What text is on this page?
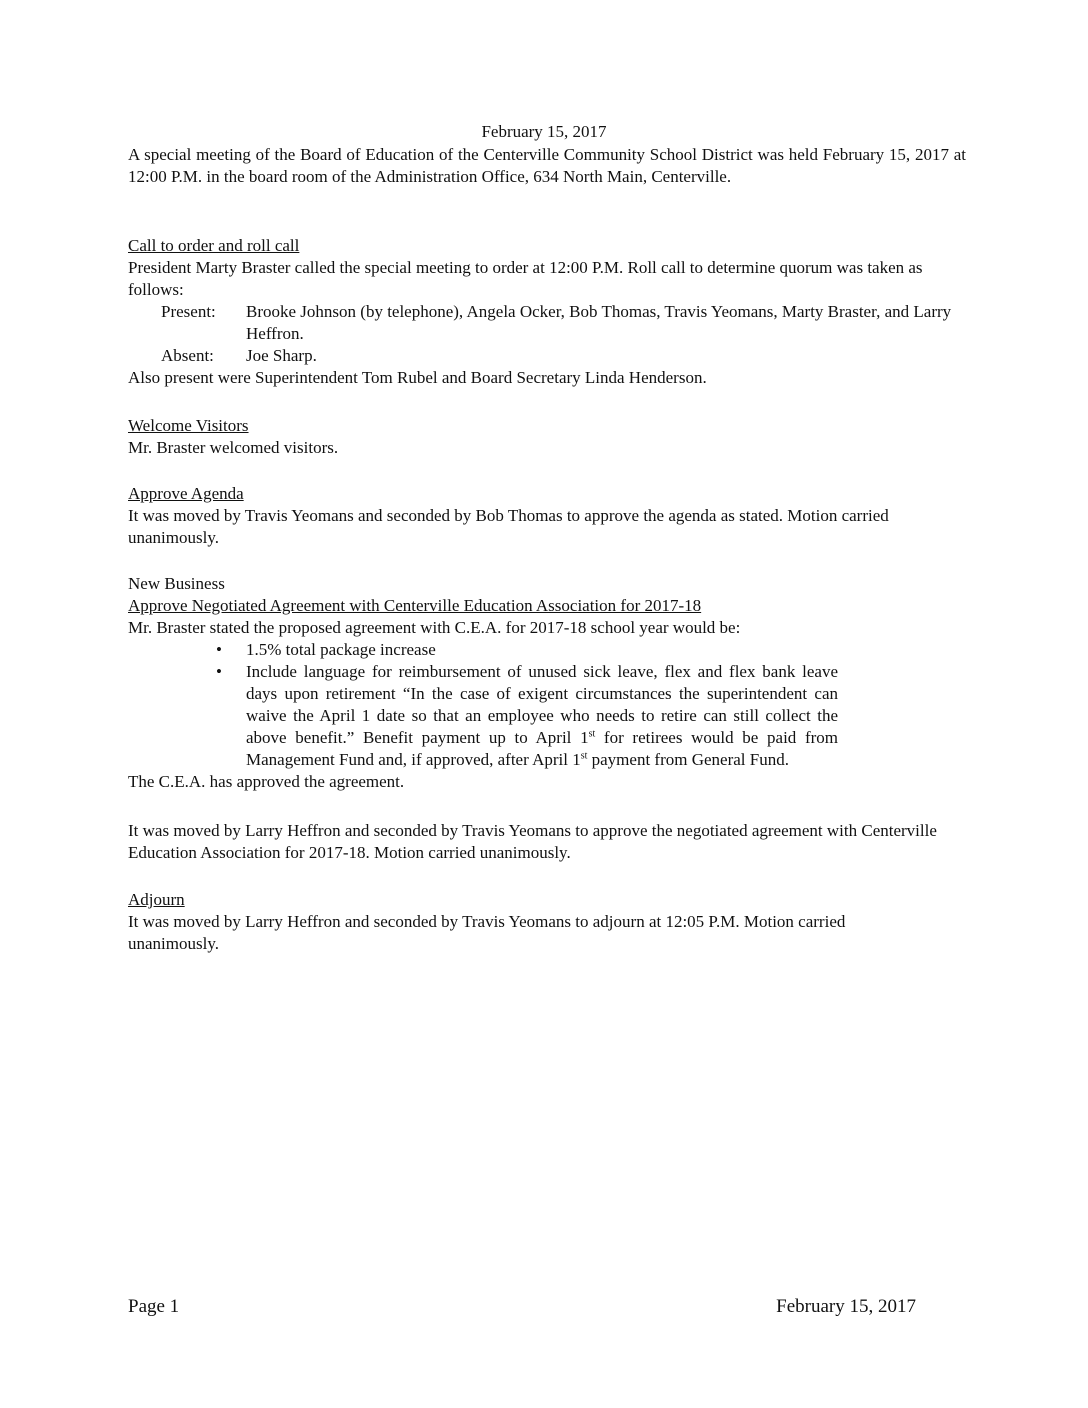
February 15, 2017

A special meeting of the Board of Education of the Centerville Community School District was held February 15, 2017 at 12:00 P.M. in the board room of the Administration Office, 634 North Main, Centerville.

Call to order and roll call

President Marty Braster called the special meeting to order at 12:00 P.M. Roll call to determine quorum was taken as follows:

Present:	Brooke Johnson (by telephone), Angela Ocker, Bob Thomas, Travis Yeomans, Marty Braster, and Larry Heffron.
Absent:	Joe Sharp.

Also present were Superintendent Tom Rubel and Board Secretary Linda Henderson.

Welcome Visitors

Mr. Braster welcomed visitors.

Approve Agenda

It was moved by Travis Yeomans and seconded by Bob Thomas to approve the agenda as stated. Motion carried unanimously.

New Business

Approve Negotiated Agreement with Centerville Education Association for 2017-18

Mr. Braster stated the proposed agreement with C.E.A. for 2017-18 school year would be:

•	1.5% total package increase
•	Include language for reimbursement of unused sick leave, flex and flex bank leave days upon retirement “In the case of exigent circumstances the superintendent can waive the April 1 date so that an employee who needs to retire can still collect the above benefit.” Benefit payment up to April 1st for retirees would be paid from Management Fund and, if approved, after April 1st payment from General Fund.

The C.E.A. has approved the agreement.

It was moved by Larry Heffron and seconded by Travis Yeomans to approve the negotiated agreement with Centerville Education Association for 2017-18. Motion carried unanimously.

Adjourn

It was moved by Larry Heffron and seconded by Travis Yeomans to adjourn at 12:05 P.M. Motion carried unanimously.

Page 1	February 15, 2017
